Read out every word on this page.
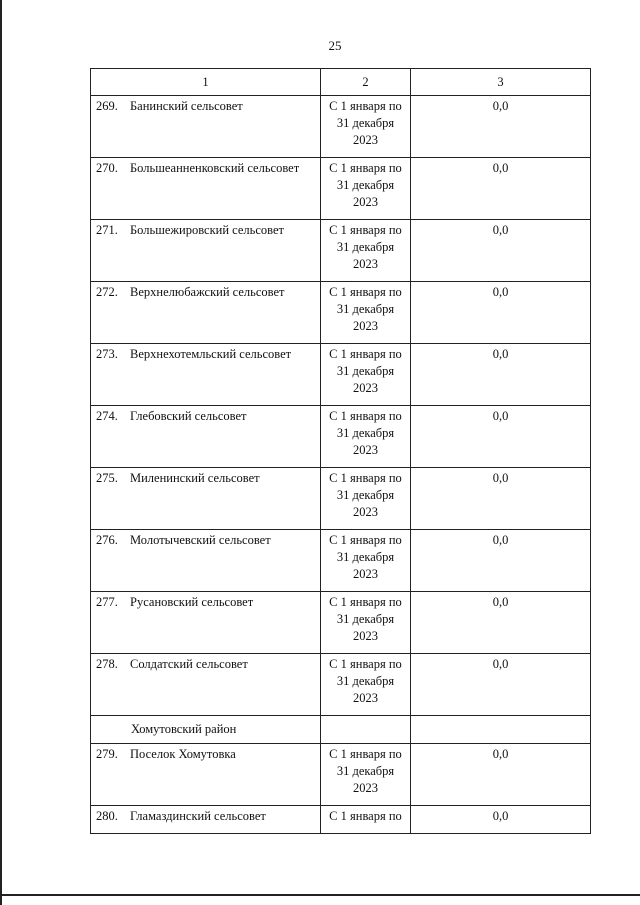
25
1	2	3
269. Банинский сельсовет	С 1 января по
31 декабря
2023	0,0
270. Большеанненковский сельсовет	С 1 января по
31 декабря
2023	0,0
271. Большежировский сельсовет	С 1 января по
31 декабря
2023	0,0
272. Верхнелюбажский сельсовет	С 1 января по
31 декабря
2023	0,0
273. Верхнехотемльский сельсовет	С 1 января по
31 декабря
2023	0,0
274. Глебовский сельсовет	С 1 января по
31 декабря
2023	0,0
275. Миленинский сельсовет	С 1 января по
31 декабря
2023	0,0
276. Молотычевский сельсовет	С 1 января по
31 декабря
2023	0,0
277. Русановский сельсовет	С 1 января по
31 декабря
2023	0,0
278. Солдатский сельсовет	С 1 января по
31 декабря
2023	0,0
Хомутовский район		
279. Поселок Хомутовка	С 1 января по
31 декабря
2023	0,0
280. Гламаздинский сельсовет	С 1 января по	0,0
